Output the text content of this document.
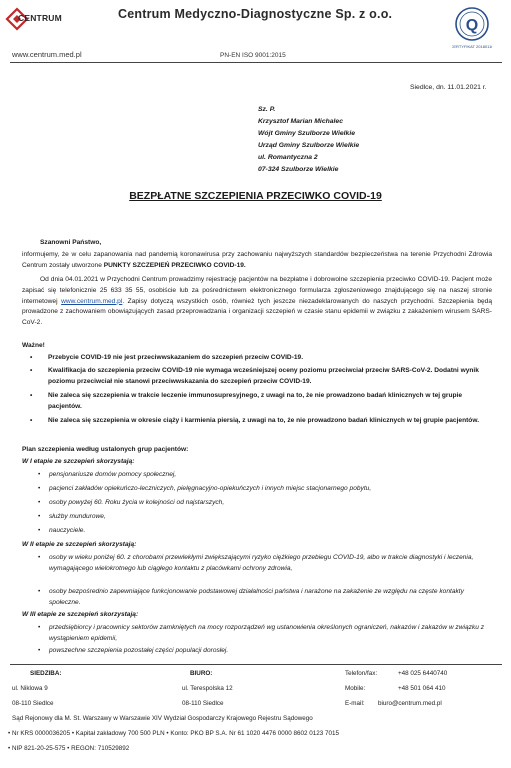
CENTRUM	Centrum Medyczno-Diagnostyczne Sp. z o.o.
Q
CERTYFIKAT 20180116
www.centrum.med.pl	PN-EN ISO 9001:2015
Siedlce, dn. 11.01.2021 r.
Sz. P.
Krzysztof Marian Michalec
Wójt Gminy Szulborze Wielkie
Urząd Gminy Szulborze Wielkie
ul. Romantyczna 2
07-324 Szulborze Wielkie
BEZPŁATNE SZCZEPIENIA PRZECIWKO COVID-19
Szanowni Państwo,
informujemy, że w celu zapanowania nad pandemią koronawirusa przy zachowaniu najwyższych standardów bezpieczeństwa na terenie Przychodni Zdrowia Centrum zostały utworzone PUNKTY SZCZEPIEŃ PRZECIWKO COVID-19.
Od dnia 04.01.2021 w Przychodni Centrum prowadzimy rejestrację pacjentów na bezpłatne i dobrowolne szczepienia przeciwko COVID-19. Pacjent może zapisać się telefonicznie 25 633 35 55, osobiście lub za pośrednictwem elektronicznego formularza zgłoszeniowego znajdującego się na naszej stronie internetowej www.centrum.med.pl. Zapisy dotyczą wszystkich osób, również tych jeszcze niezadeklarowanych do naszych przychodni. Szczepienia będą prowadzone z zachowaniem obowiązujących zasad przeprowadzania i organizacji szczepień w czasie stanu epidemii w związku z zakażeniem wirusem SARS-CoV-2.
Ważne!
• Przebycie COVID-19 nie jest przeciwwskazaniem do szczepień przeciw COVID-19.
• Kwalifikacja do szczepienia przeciw COVID-19 nie wymaga wcześniejszej oceny poziomu przeciwciał przeciw SARS-CoV-2. Dodatni wynik poziomu przeciwciał nie stanowi przeciwwskazania do szczepień przeciw COVID-19.
• Nie zaleca się szczepienia w trakcie leczenie immunosupresyjnego, z uwagi na to, że nie prowadzono badań klinicznych w tej grupie pacjentów.
• Nie zaleca się szczepienia w okresie ciąży i karmienia piersią, z uwagi na to, że nie prowadzono badań klinicznych w tej grupie pacjentów.
Plan szczepienia według ustalonych grup pacjentów:
W I etapie ze szczepień skorzystają:
• pensjonariusze domów pomocy społecznej,
• pacjenci zakładów opiekuńczo-leczniczych, pielęgnacyjno-opiekuńczych i innych miejsc stacjonarnego pobytu,
• osoby powyżej 60. Roku życia w kolejności od najstarszych,
• służby mundurowe,
• nauczyciele.
W II etapie ze szczepień skorzystają:
• osoby w wieku poniżej 60. z chorobami przewlekłymi zwiększającymi ryzyko ciężkiego przebiegu COVID-19, albo w trakcie diagnostyki i leczenia, wymagającego wielokrotnego lub ciągłego kontaktu z placówkami ochrony zdrowia,
• osoby bezpośrednio zapewniające funkcjonowanie podstawowej działalności państwa i narażone na zakażenie ze względu na częste kontakty społeczne.
W III etapie ze szczepień skorzystają:
• przedsiębiorcy i pracownicy sektorów zamkniętych na mocy rozporządzeń wg ustanowienia określonych ograniczeń, nakazów i zakazów w związku z wystąpieniem epidemii,
• powszechne szczepienia pozostałej części populacji dorosłej.
SIEDZIBA:
ul. Niklowa 9
08-110 Siedlce
BIURO:
ul. Terespolska 12
08-110 Siedlce
Telefon/fax:	+48 025 6440740
Mobile:	+48 501 064 410
E-mail: biuro@centrum.med.pl
Sąd Rejonowy dla M. St. Warszawy w Warszawie XIV Wydział Gospodarczy Krajowego Rejestru Sądowego
• Nr KRS 0000036205 • Kapitał zakładowy 700 500 PLN • Konto: PKO BP S.A. Nr 61 1020 4476 0000 8602 0123 7015
• NIP 821-20-25-575 • REGON: 710529892
